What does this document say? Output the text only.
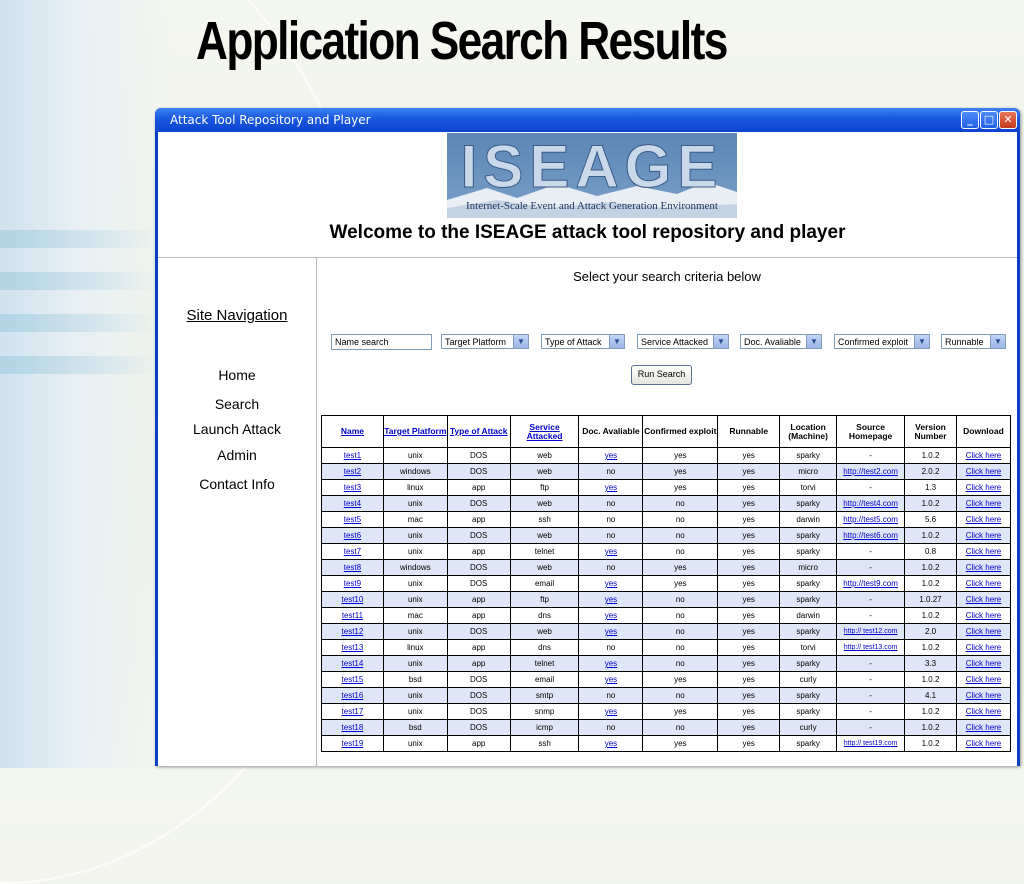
Application Search Results
Attack Tool Repository and Player	_	□ ✕
ISEAGE
Internet-Scale Event and Attack Generation Environment
Welcome to the ISEAGE attack tool repository and player
Site Navigation
Home
Search
Launch Attack
Admin
Contact Info
Select your search criteria below
Name search	Target Platform	▼	Type of Attack	▼	Service Attacked	▼	Doc. Avaliable	▼	Confirmed exploit	▼	Runnable	▼
Run Search
Name	Target Platform	Type of Attack	Service Attacked	Doc. Avaliable	Confirmed exploit	Runnable	Location (Machine)	Source Homepage	Version Number	Download
test1	unix	DOS	web	yes	yes	yes	sparky	-	1.0.2	Click here
test2	windows	DOS	web	no	yes	yes	micro	http://test2.com	2.0.2	Click here
test3	linux	app	ftp	yes	yes	yes	torvi	-	1.3	Click here
test4	unix	DOS	web	no	no	yes	sparky	http://test4.com	1.0.2	Click here
test5	mac	app	ssh	no	no	yes	darwin	http://test5.com	5.6	Click here
test6	unix	DOS	web	no	no	yes	sparky	http://test6.com	1.0.2	Click here
test7	unix	app	telnet	yes	no	yes	sparky	-	0.8	Click here
test8	windows	DOS	web	no	yes	yes	micro	-	1.0.2	Click here
test9	unix	DOS	email	yes	yes	yes	sparky	http://test9.com	1.0.2	Click here
test10	unix	app	ftp	yes	no	yes	sparky	-	1.0.27	Click here
test11	mac	app	dns	yes	no	yes	darwin	-	1.0.2	Click here
test12	unix	DOS	web	yes	no	yes	sparky	http:// test12.com	2.0	Click here
test13	linux	app	dns	no	no	yes	torvi	http:// test13.com	1.0.2	Click here
test14	unix	app	telnet	yes	no	yes	sparky	-	3.3	Click here
test15	bsd	DOS	email	yes	yes	yes	curly	-	1.0.2	Click here
test16	unix	DOS	smtp	no	no	yes	sparky	-	4.1	Click here
test17	unix	DOS	snmp	yes	yes	yes	sparky	-	1.0.2	Click here
test18	bsd	DOS	icmp	no	no	yes	curly	-	1.0.2	Click here
test19	unix	app	ssh	yes	yes	yes	sparky	http:// test19.com	1.0.2	Click here
